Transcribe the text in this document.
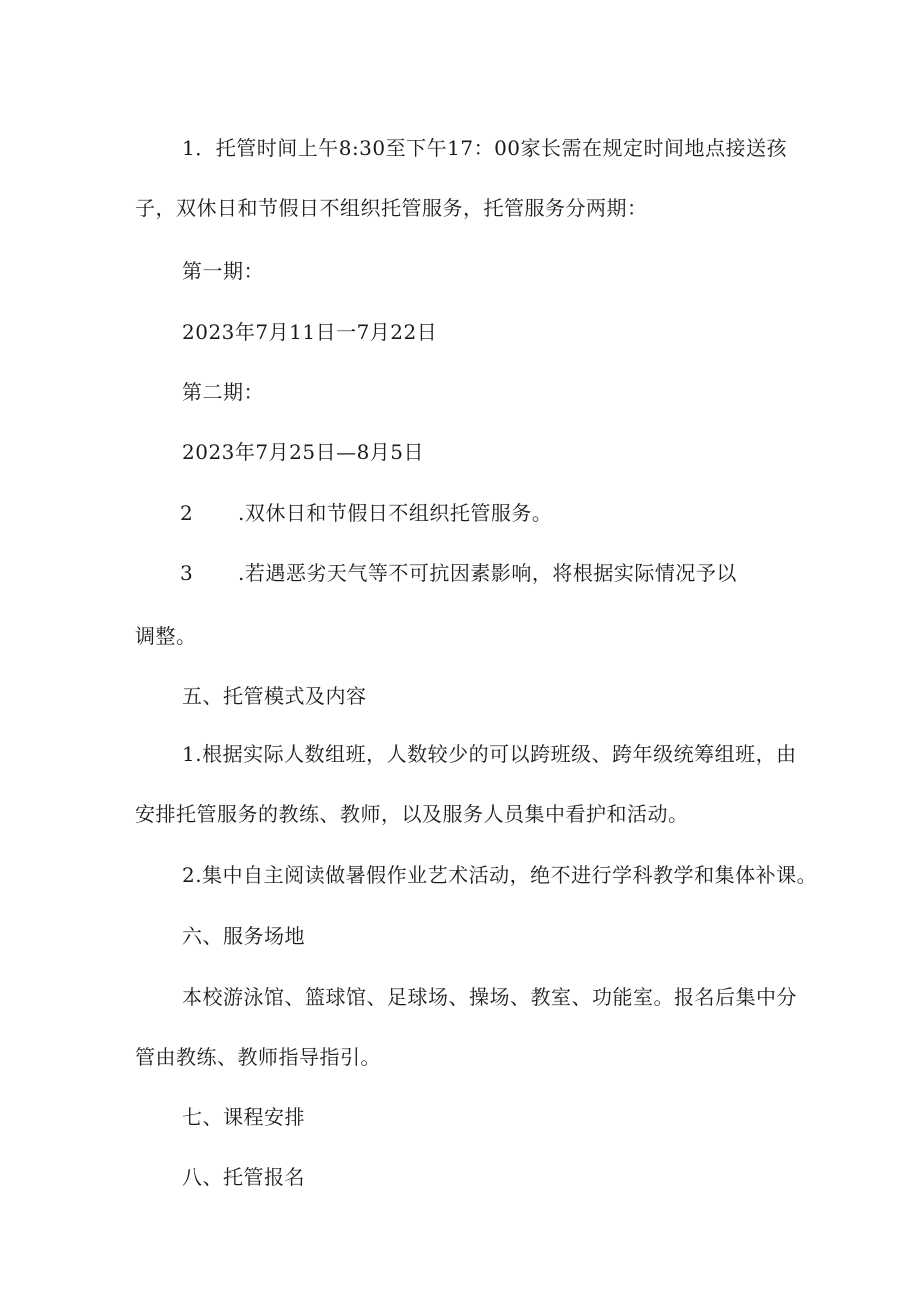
1．托管时间上午8:30至下午17：00家长需在规定时间地点接送孩
子，双休日和节假日不组织托管服务，托管服务分两期：
第一期：
2023年7月11日一7月22日
第二期：
2023年7月25日—8月5日
2 .双休日和节假日不组织托管服务。
3 .若遇恶劣天气等不可抗因素影响，将根据实际情况予以
调整。
五、托管模式及内容
1.根据实际人数组班，人数较少的可以跨班级、跨年级统筹组班，由
安排托管服务的教练、教师，以及服务人员集中看护和活动。
2.集中自主阅读做暑假作业艺术活动，绝不进行学科教学和集体补课。
六、服务场地
本校游泳馆、篮球馆、足球场、操场、教室、功能室。报名后集中分
管由教练、教师指导指引。
七、课程安排
八、托管报名
